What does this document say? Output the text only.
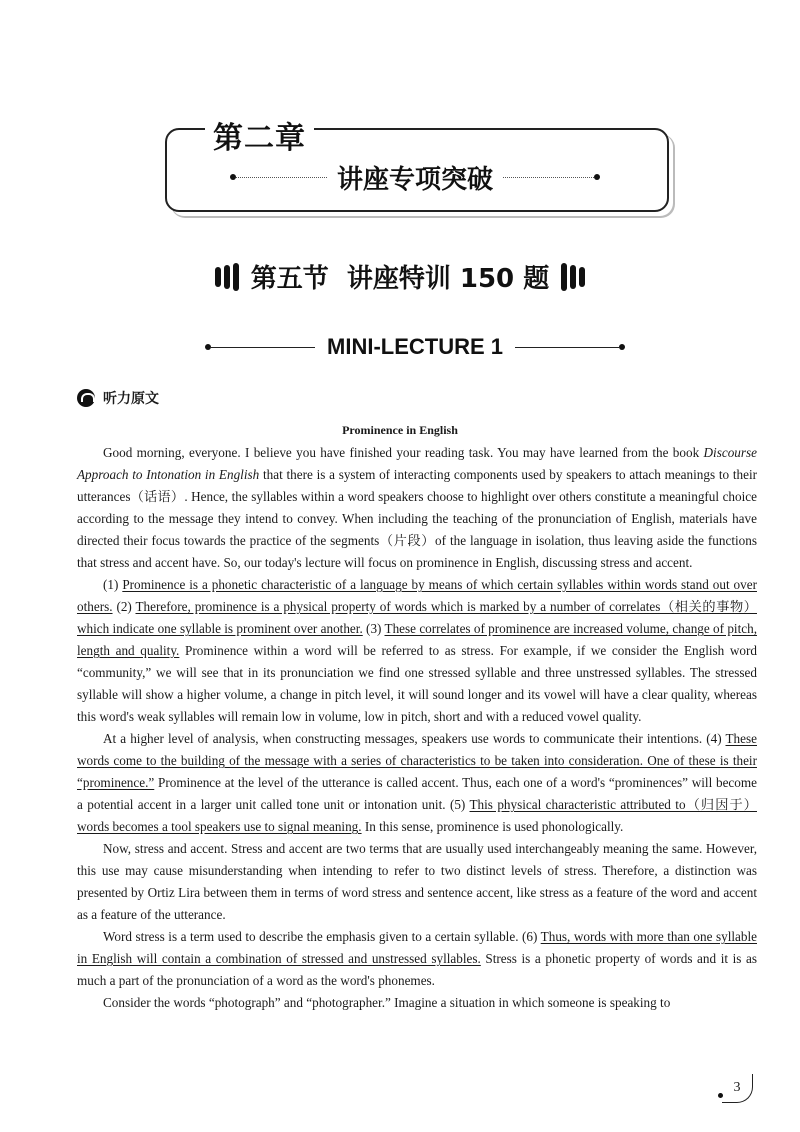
第二章
讲座专项突破
第五节 讲座特训 150 题
MINI-LECTURE 1
听力原文
Prominence in English

Good morning, everyone. I believe you have finished your reading task. You may have learned from the book Discourse Approach to Intonation in English that there is a system of interacting components used by speakers to attach meanings to their utterances（话语）. Hence, the syllables within a word speakers choose to highlight over others constitute a meaningful choice according to the message they intend to convey. When including the teaching of the pronunciation of English, materials have directed their focus towards the practice of the segments（片段）of the language in isolation, thus leaving aside the functions that stress and accent have. So, our today's lecture will focus on prominence in English, discussing stress and accent.

(1) Prominence is a phonetic characteristic of a language by means of which certain syllables within words stand out over others. (2) Therefore, prominence is a physical property of words which is marked by a number of correlates（相关的事物）which indicate one syllable is prominent over another. (3) These correlates of prominence are increased volume, change of pitch, length and quality. Prominence within a word will be referred to as stress. For example, if we consider the English word “community,” we will see that in its pronunciation we find one stressed syllable and three unstressed syllables. The stressed syllable will show a higher volume, a change in pitch level, it will sound longer and its vowel will have a clear quality, whereas this word's weak syllables will remain low in volume, low in pitch, short and with a reduced vowel quality.

At a higher level of analysis, when constructing messages, speakers use words to communicate their intentions. (4) These words come to the building of the message with a series of characteristics to be taken into consideration. One of these is their “prominence.” Prominence at the level of the utterance is called accent. Thus, each one of a word's “prominences” will become a potential accent in a larger unit called tone unit or intonation unit. (5) This physical characteristic attributed to（归因于）words becomes a tool speakers use to signal meaning. In this sense, prominence is used phonologically.

Now, stress and accent. Stress and accent are two terms that are usually used interchangeably meaning the same. However, this use may cause misunderstanding when intending to refer to two distinct levels of stress. Therefore, a distinction was presented by Ortiz Lira between them in terms of word stress and sentence accent, like stress as a feature of the word and accent as a feature of the utterance.

Word stress is a term used to describe the emphasis given to a certain syllable. (6) Thus, words with more than one syllable in English will contain a combination of stressed and unstressed syllables. Stress is a phonetic property of words and it is as much a part of the pronunciation of a word as the word's phonemes.

Consider the words “photograph” and “photographer.” Imagine a situation in which someone is speaking to

3
